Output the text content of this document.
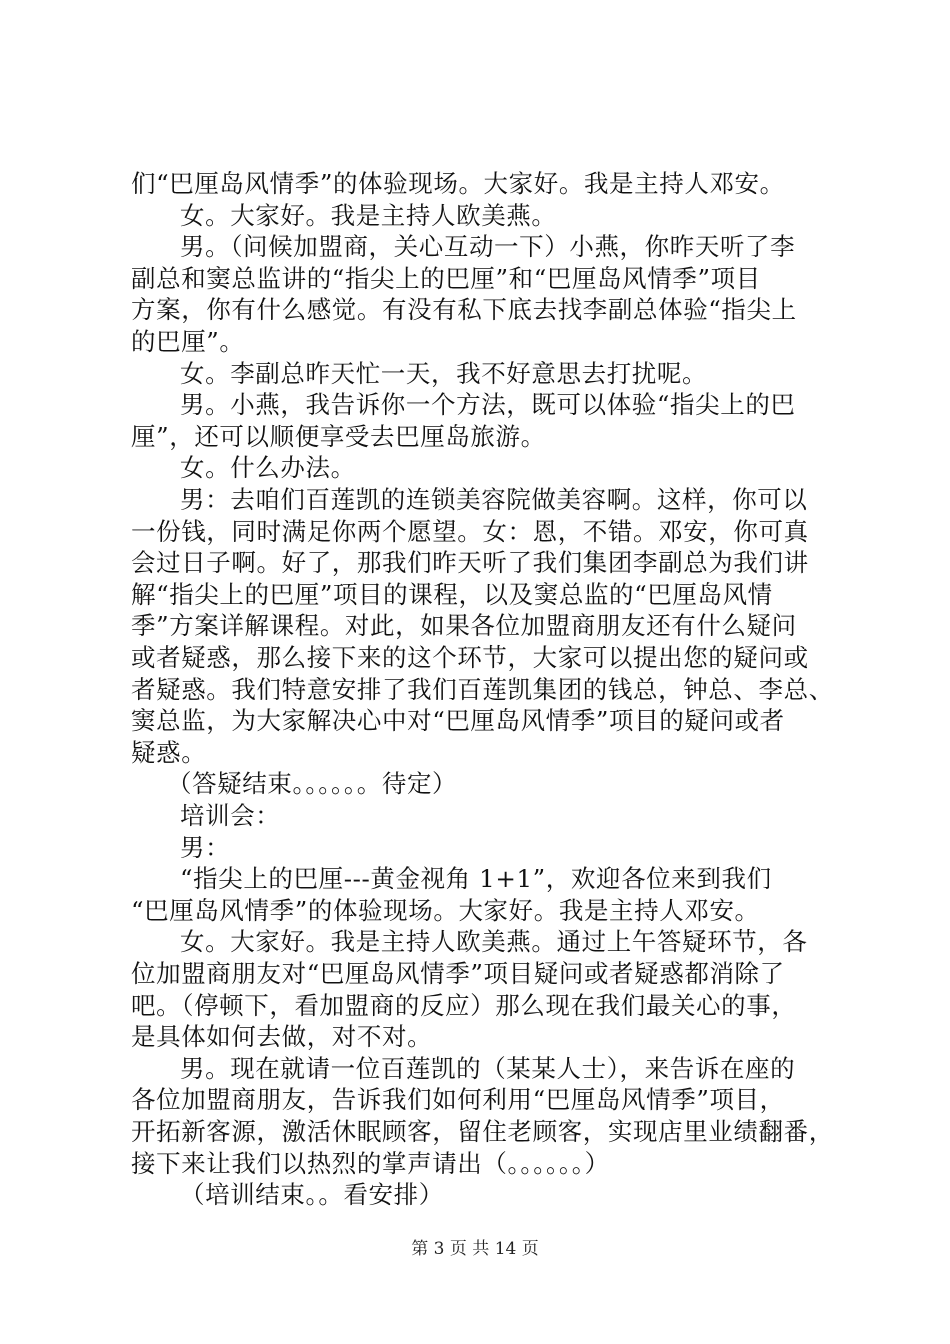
们“巴厘岛风情季”的体验现场。大家好。我是主持人邓安。
女。大家好。我是主持人欧美燕。
男。（问候加盟商，关心互动一下）小燕，你昨天听了李
副总和窦总监讲的“指尖上的巴厘”和“巴厘岛风情季”项目
方案，你有什么感觉。有没有私下底去找李副总体验“指尖上
的巴厘”。
女。李副总昨天忙一天，我不好意思去打扰呢。
男。小燕，我告诉你一个方法，既可以体验“指尖上的巴
厘”，还可以顺便享受去巴厘岛旅游。
女。什么办法。
男：去咱们百莲凯的连锁美容院做美容啊。这样，你可以
一份钱，同时满足你两个愿望。女：恩，不错。邓安，你可真
会过日子啊。好了，那我们昨天听了我们集团李副总为我们讲
解“指尖上的巴厘”项目的课程，以及窦总监的“巴厘岛风情
季”方案详解课程。对此，如果各位加盟商朋友还有什么疑问
或者疑惑，那么接下来的这个环节，大家可以提出您的疑问或
者疑惑。我们特意安排了我们百莲凯集团的钱总，钟总、李总、
窦总监，为大家解决心中对“巴厘岛风情季”项目的疑问或者
疑惑。
（答疑结束。。。。。。待定）
培训会：
男：
“指尖上的巴厘---黄金视角 1+1”，欢迎各位来到我们
“巴厘岛风情季”的体验现场。大家好。我是主持人邓安。
女。大家好。我是主持人欧美燕。通过上午答疑环节，各
位加盟商朋友对“巴厘岛风情季”项目疑问或者疑惑都消除了
吧。（停顿下，看加盟商的反应）那么现在我们最关心的事，
是具体如何去做，对不对。
男。现在就请一位百莲凯的（某某人士），来告诉在座的
各位加盟商朋友，告诉我们如何利用“巴厘岛风情季”项目，
开拓新客源，激活休眠顾客，留住老顾客，实现店里业绩翻番，
接下来让我们以热烈的掌声请出（。。。。。。）
（培训结束。。看安排）
第 3 页 共 14 页
